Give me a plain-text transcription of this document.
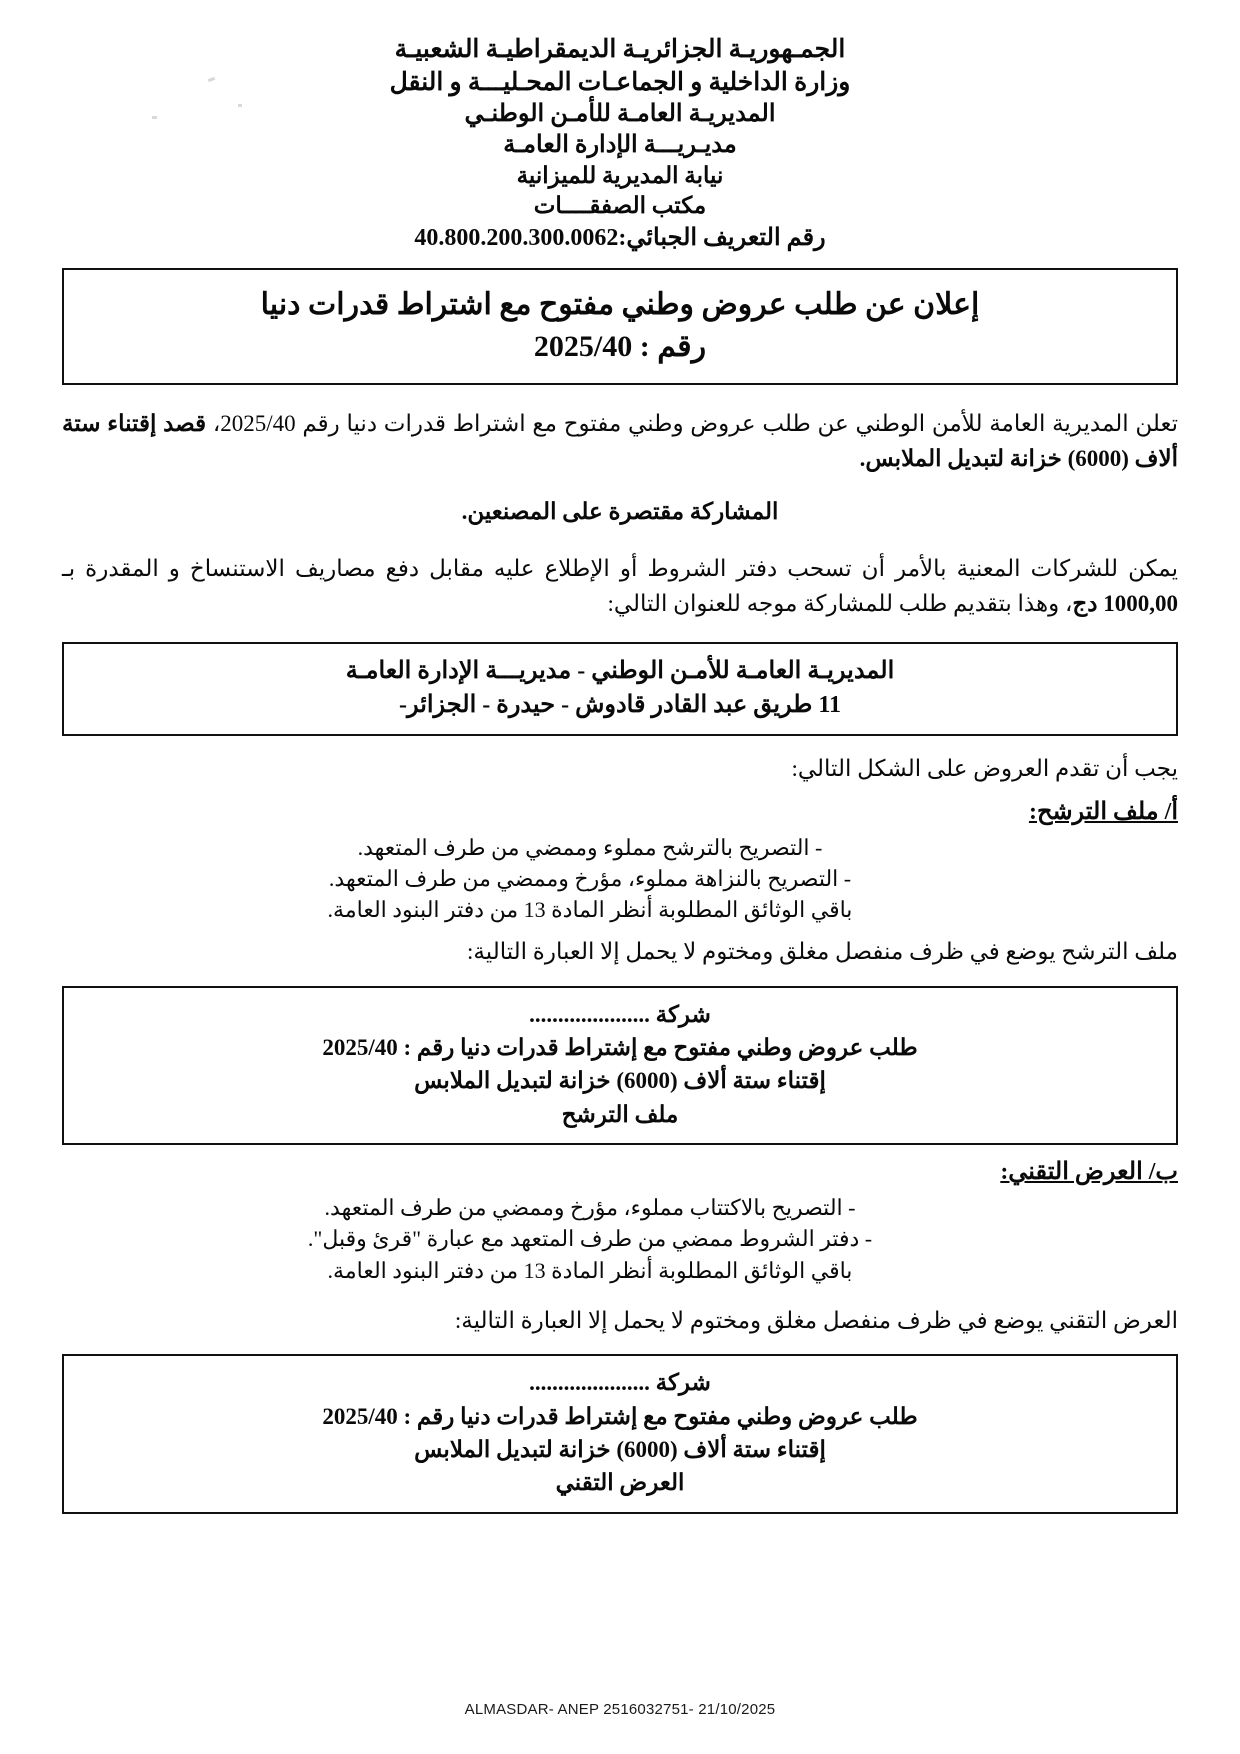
الجمـهوريـة الجزائريـة الديمقراطيـة الشعبيـة
وزارة الداخلية و الجماعـات المحـليـــة و النقل
المديريـة العامـة للأمـن الوطنـي
مديـريـــة الإدارة العامـة
نيابة المديرية للميزانية
مكتب الصفقــــات
رقم التعريف الجبائي:40.800.200.300.0062
إعلان عن طلب عروض وطني مفتوح مع اشتراط قدرات دنيا
رقم : 2025/40
تعلن المديرية العامة للأمن الوطني عن طلب عروض وطني مفتوح مع اشتراط قدرات دنيا رقم 2025/40، قصد إقتناء ستة ألاف (6000) خزانة لتبديل الملابس.
المشاركة مقتصرة على المصنعين.
يمكن للشركات المعنية بالأمر أن تسحب دفتر الشروط أو الإطلاع عليه مقابل دفع مصاريف الاستنساخ و المقدرة بـ 1000,00 دج، وهذا بتقديم طلب للمشاركة موجه للعنوان التالي:
المديريـة العامـة للأمـن الوطني - مديريـــة الإدارة العامـة
11 طريق عبد القادر قادوش - حيدرة - الجزائر-
يجب أن تقدم العروض على الشكل التالي:
أ/ ملف الترشح:
- التصريح بالترشح مملوء وممضي من طرف المتعهد.
- التصريح بالنزاهة مملوء، مؤرخ وممضي من طرف المتعهد.
باقي الوثائق المطلوبة أنظر المادة 13 من دفتر البنود العامة.
ملف الترشح يوضع في ظرف منفصل مغلق ومختوم لا يحمل إلا العبارة التالية:
شركة .....................
طلب عروض وطني مفتوح مع إشتراط قدرات دنيا رقم : 2025/40
إقتناء ستة ألاف (6000) خزانة لتبديل الملابس
ملف الترشح
ب/ العرض التقني:
- التصريح بالاكتتاب مملوء، مؤرخ وممضي من طرف المتعهد.
- دفتر الشروط ممضي من طرف المتعهد مع عبارة "قرئ وقبل".
باقي الوثائق المطلوبة أنظر المادة 13 من دفتر البنود العامة.
العرض التقني يوضع في ظرف منفصل مغلق ومختوم لا يحمل إلا العبارة التالية:
شركة .....................
طلب عروض وطني مفتوح مع إشتراط قدرات دنيا رقم : 2025/40
إقتناء ستة ألاف (6000) خزانة لتبديل الملابس
العرض التقني
ALMASDAR- ANEP 2516032751- 21/10/2025
